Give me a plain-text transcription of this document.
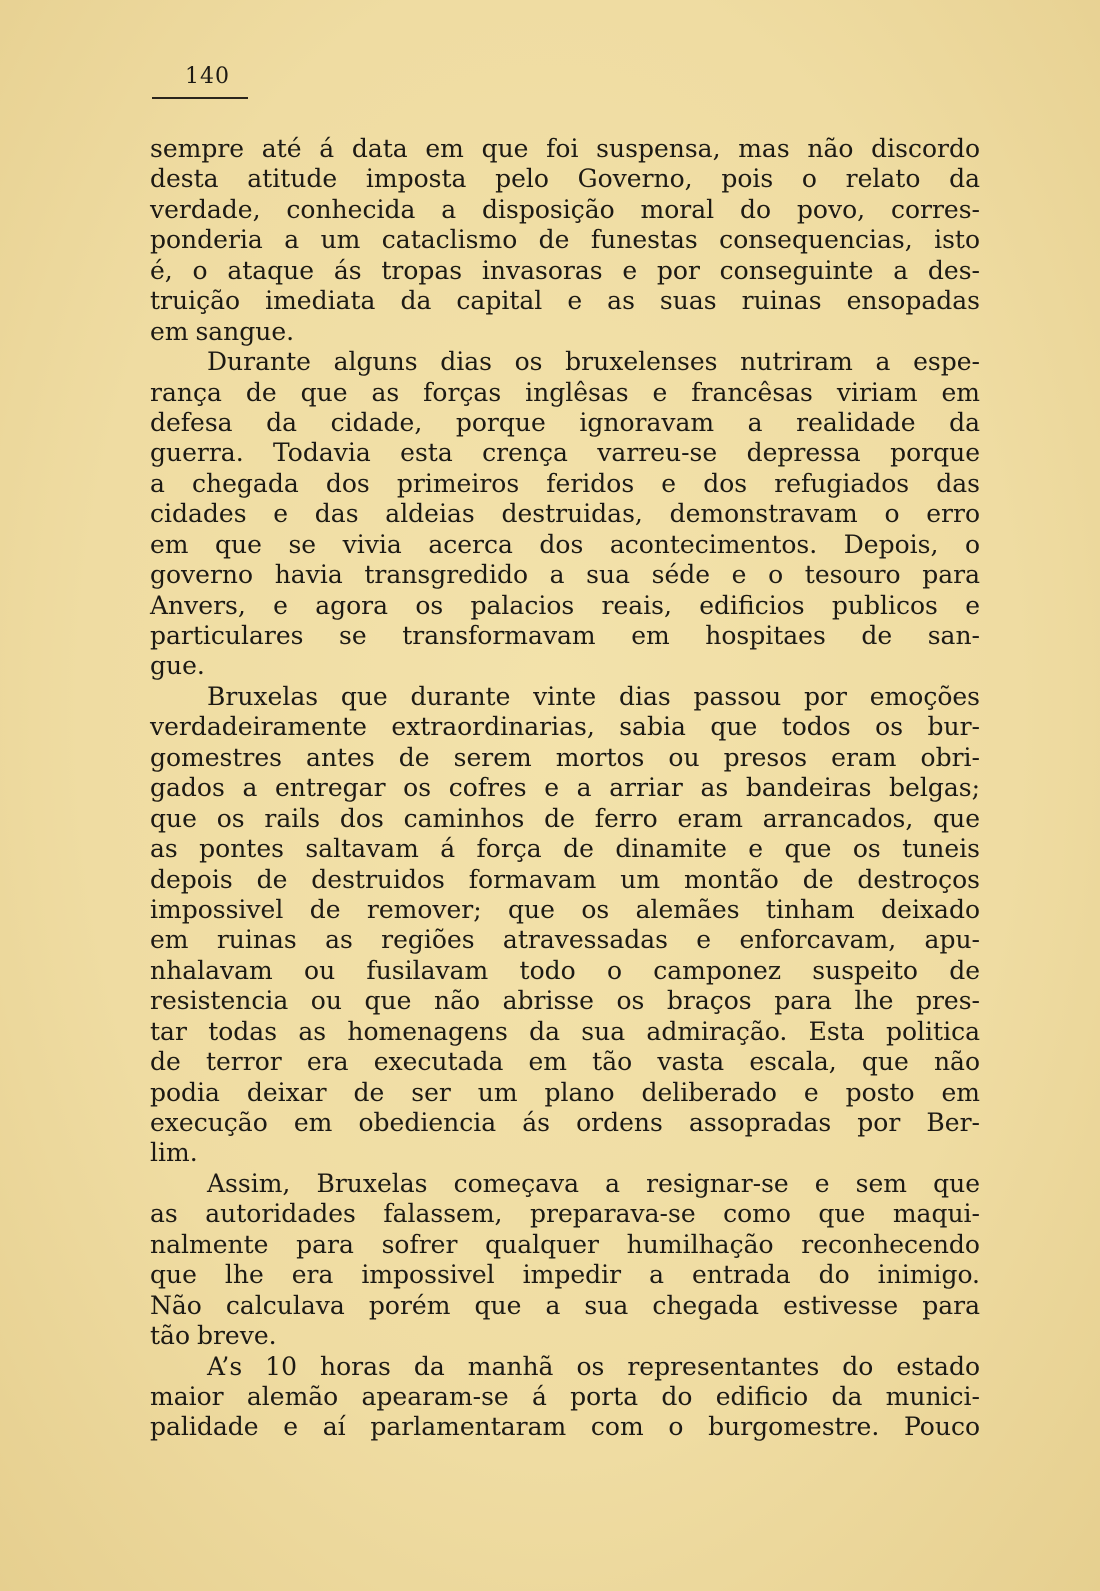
140
sempre até á data em que foi suspensa, mas não discordo
desta atitude imposta pelo Governo, pois o relato da
verdade, conhecida a disposição moral do povo, corres-
ponderia a um cataclismo de funestas consequencias, isto
é, o ataque ás tropas invasoras e por conseguinte a des-
truição imediata da capital e as suas ruinas ensopadas
em sangue.
Durante alguns dias os bruxelenses nutriram a espe-
rança de que as forças inglêsas e francêsas viriam em
defesa da cidade, porque ignoravam a realidade da
guerra. Todavia esta crença varreu-se depressa porque
a chegada dos primeiros feridos e dos refugiados das
cidades e das aldeias destruidas, demonstravam o erro
em que se vivia acerca dos acontecimentos. Depois, o
governo havia transgredido a sua séde e o tesouro para
Anvers, e agora os palacios reais, edificios publicos e
particulares se transformavam em hospitaes de san-
gue.
Bruxelas que durante vinte dias passou por emoções
verdadeiramente extraordinarias, sabia que todos os bur-
gomestres antes de serem mortos ou presos eram obri-
gados a entregar os cofres e a arriar as bandeiras belgas;
que os rails dos caminhos de ferro eram arrancados, que
as pontes saltavam á força de dinamite e que os tuneis
depois de destruidos formavam um montão de destroços
impossivel de remover; que os alemães tinham deixado
em ruinas as regiões atravessadas e enforcavam, apu-
nhalavam ou fusilavam todo o camponez suspeito de
resistencia ou que não abrisse os braços para lhe pres-
tar todas as homenagens da sua admiração. Esta politica
de terror era executada em tão vasta escala, que não
podia deixar de ser um plano deliberado e posto em
execução em obediencia ás ordens assopradas por Ber-
lim.
Assim, Bruxelas começava a resignar-se e sem que
as autoridades falassem, preparava-se como que maqui-
nalmente para sofrer qualquer humilhação reconhecendo
que lhe era impossivel impedir a entrada do inimigo.
Não calculava porém que a sua chegada estivesse para
tão breve.
A’s 10 horas da manhã os representantes do estado
maior alemão apearam-se á porta do edificio da munici-
palidade e aí parlamentaram com o burgomestre. Pouco
